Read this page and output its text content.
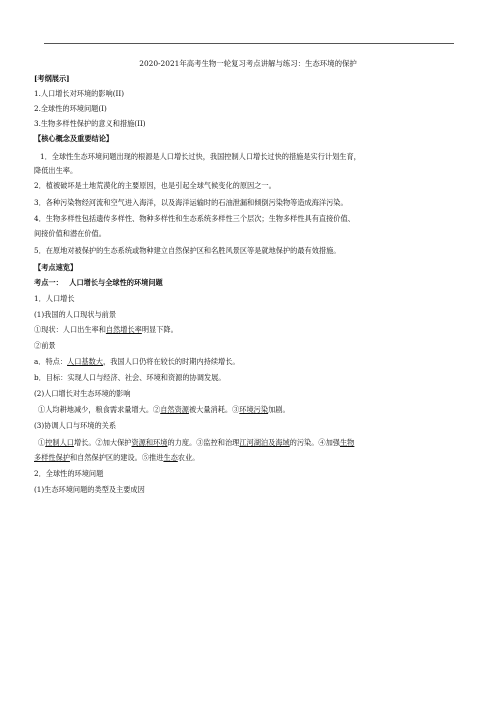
2020-2021年高考生物一轮复习考点讲解与练习：生态环境的保护
[考纲展示]
1.人口增长对环境的影响(II)
2.全球性的环境问题(I)
3.生物多样性保护的意义和措施(II)
【核心概念及重要结论】
1．全球性生态环境问题出现的根源是人口增长过快，我国控制人口增长过快的措施是实行计划生育，
降低出生率。
2．植被破坏是土地荒漠化的主要原因，也是引起全球气候变化的原因之一。
3．各种污染物经河流和空气进入海洋，以及海洋运输时的石油泄漏和倾倒污染物等造成海洋污染。
4．生物多样性包括遗传多样性、物种多样性和生态系统多样性三个层次；生物多样性具有直接价值、
间接价值和潜在价值。
5．在原地对被保护的生态系统或物种建立自然保护区和名胜风景区等是就地保护的最有效措施。
【考点速览】
考点一： 人口增长与全球性的环境问题
1．人口增长
(1)我国的人口现状与前景
①现状：人口出生率和自然增长率明显下降。
②前景
a．特点：人口基数大，我国人口仍将在较长的时期内持续增长。
b．目标：实现人口与经济、社会、环境和资源的协调发展。
(2)人口增长对生态环境的影响
①人均耕地减少，粮食需求量增大。②自然资源被大量消耗。③环境污染加剧。
(3)协调人口与环境的关系
①控制人口增长。②加大保护资源和环境的力度。③监控和治理江河湖泊及海域的污染。④加强生物
多样性保护和自然保护区的建设。⑤推进生态农业。
2．全球性的环境问题
(1)生态环境问题的类型及主要成因
